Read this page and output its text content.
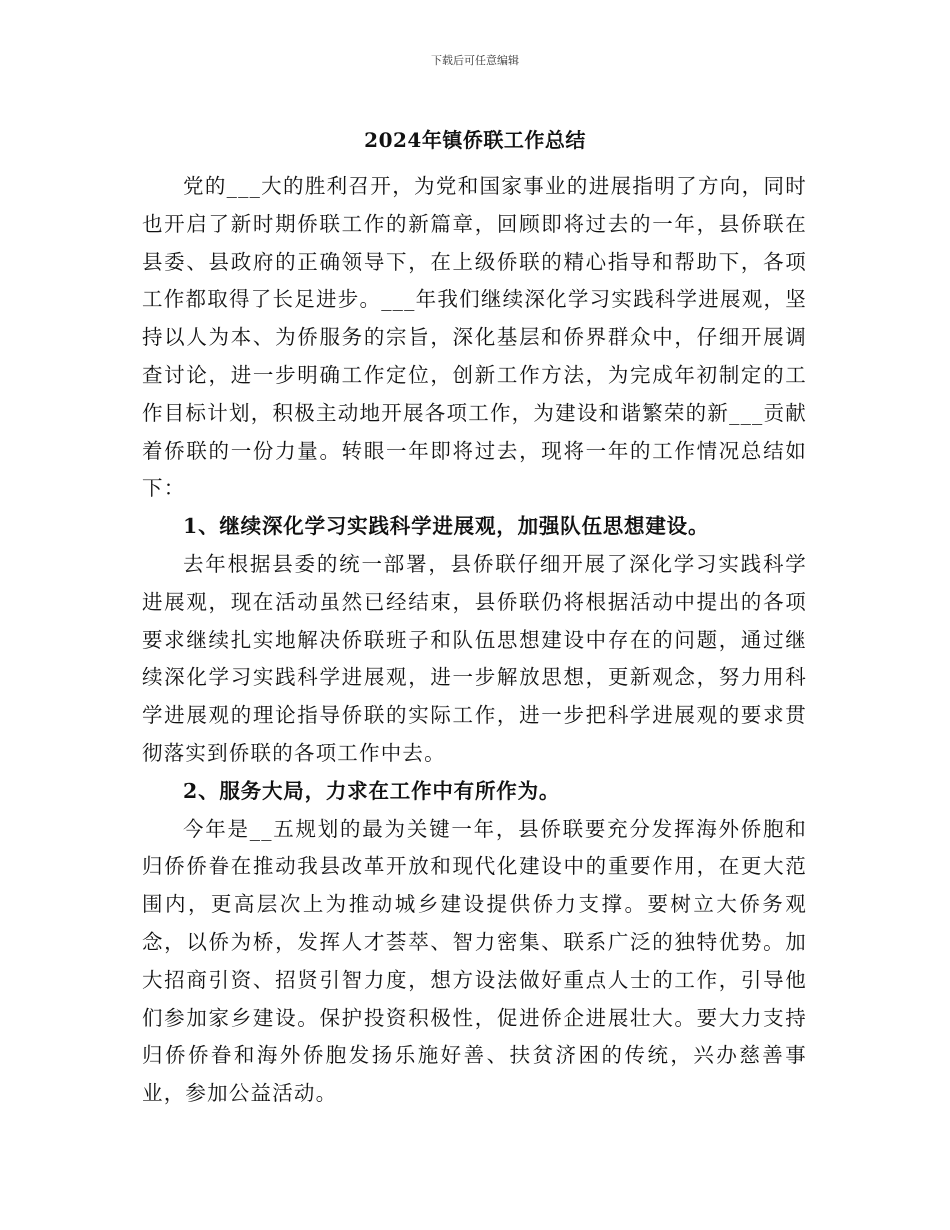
下载后可任意编辑
2024年镇侨联工作总结

党的___大的胜利召开，为党和国家事业的进展指明了方向，同时也开启了新时期侨联工作的新篇章，回顾即将过去的一年，县侨联在县委、县政府的正确领导下，在上级侨联的精心指导和帮助下，各项工作都取得了长足进步。___年我们继续深化学习实践科学进展观，坚持以人为本、为侨服务的宗旨，深化基层和侨界群众中，仔细开展调查讨论，进一步明确工作定位，创新工作方法，为完成年初制定的工作目标计划，积极主动地开展各项工作，为建设和谐繁荣的新___贡献着侨联的一份力量。转眼一年即将过去，现将一年的工作情况总结如下：

1、继续深化学习实践科学进展观，加强队伍思想建设。

去年根据县委的统一部署，县侨联仔细开展了深化学习实践科学进展观，现在活动虽然已经结束，县侨联仍将根据活动中提出的各项要求继续扎实地解决侨联班子和队伍思想建设中存在的问题，通过继续深化学习实践科学进展观，进一步解放思想，更新观念，努力用科学进展观的理论指导侨联的实际工作，进一步把科学进展观的要求贯彻落实到侨联的各项工作中去。

2、服务大局，力求在工作中有所作为。

今年是__五规划的最为关键一年，县侨联要充分发挥海外侨胞和归侨侨眷在推动我县改革开放和现代化建设中的重要作用，在更大范围内，更高层次上为推动城乡建设提供侨力支撑。要树立大侨务观念，以侨为桥，发挥人才荟萃、智力密集、联系广泛的独特优势。加大招商引资、招贤引智力度，想方设法做好重点人士的工作，引导他们参加家乡建设。保护投资积极性，促进侨企进展壮大。要大力支持归侨侨眷和海外侨胞发扬乐施好善、扶贫济困的传统，兴办慈善事业，参加公益活动。
